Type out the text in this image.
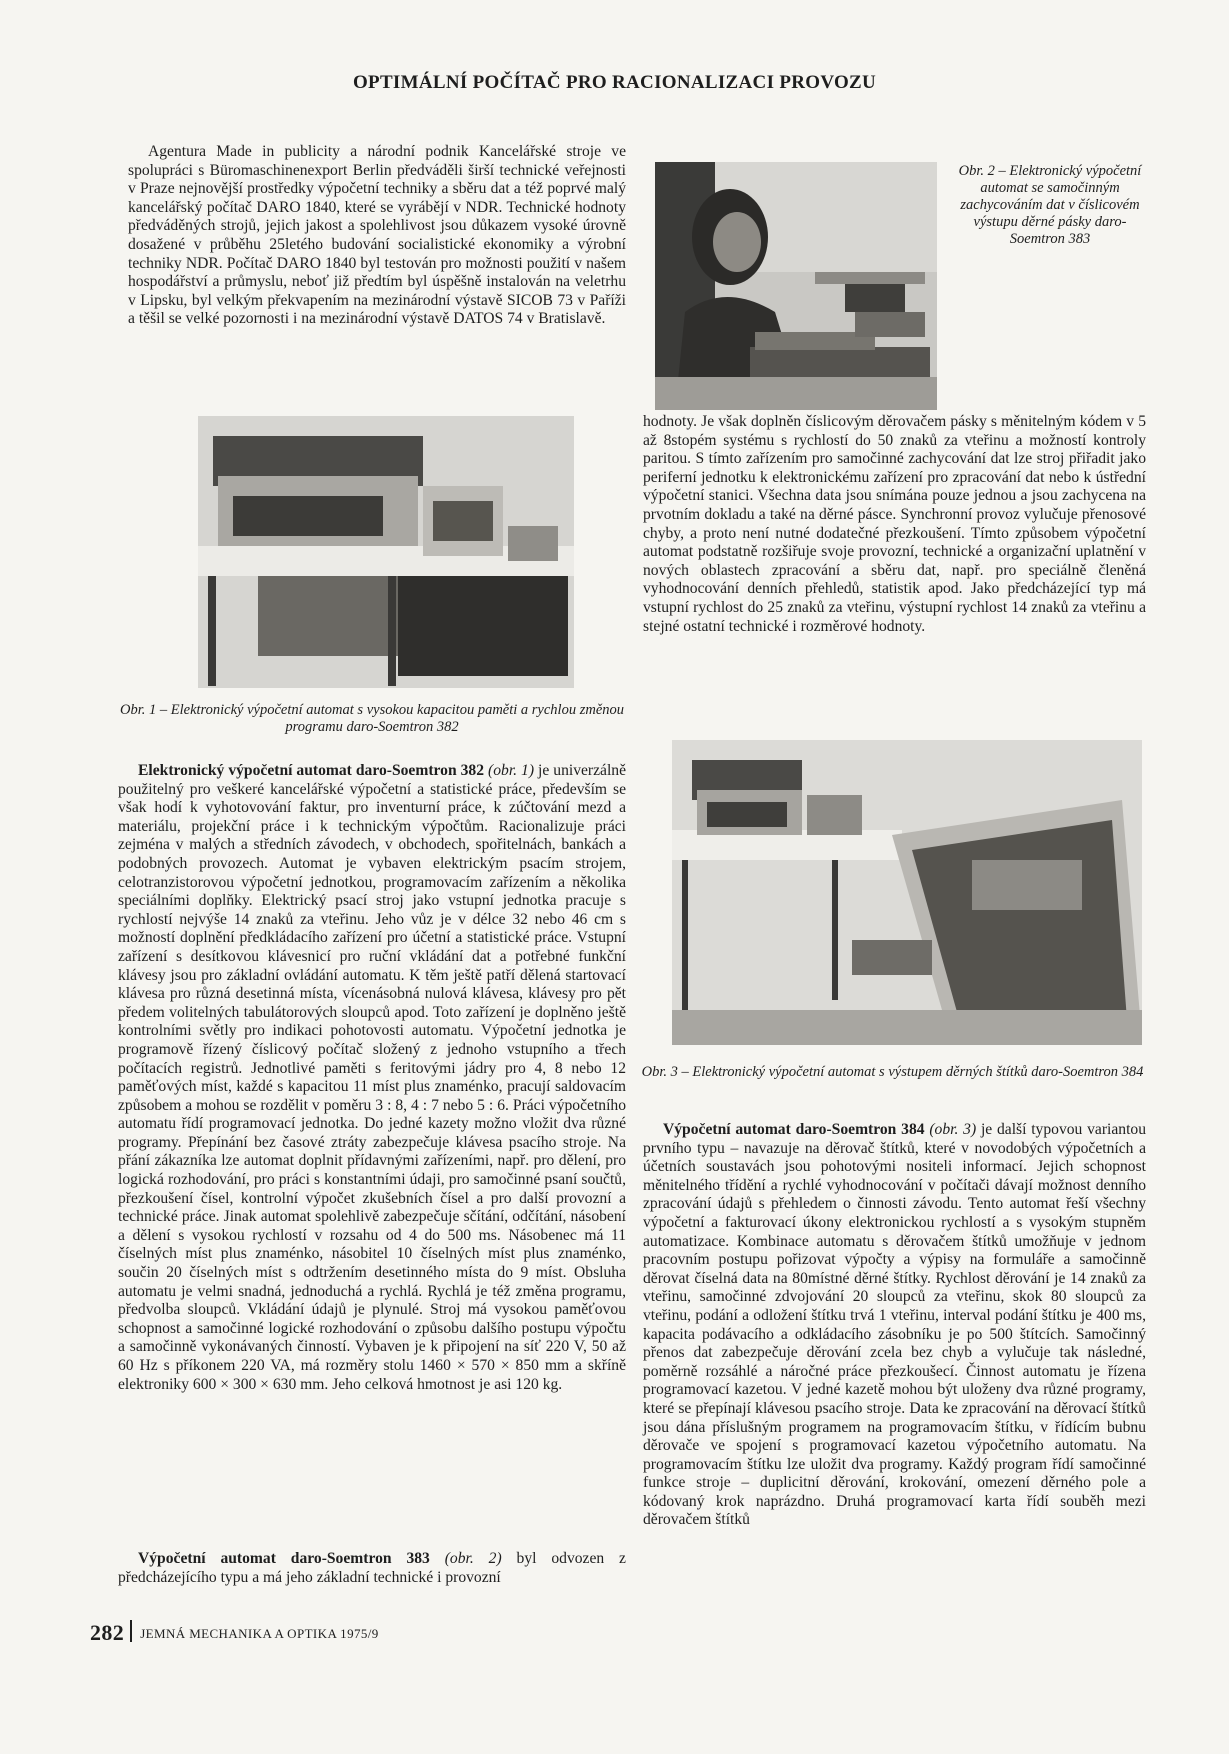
OPTIMÁLNÍ POČÍTAČ PRO RACIONALIZACI PROVOZU

Agentura Made in publicity a národní podnik Kancelářské stroje ve spolupráci s Büromaschinenexport Berlin předváděli širší technické veřejnosti v Praze nejnovější prostředky výpočetní techniky a sběru dat a též poprvé malý kancelářský počítač DARO 1840, které se vyrábějí v NDR. Technické hodnoty předváděných strojů, jejich jakost a spolehlivost jsou důkazem vysoké úrovně dosažené v průběhu 25letého budování socialistické ekonomiky a výrobní techniky NDR. Počítač DARO 1840 byl testován pro možnosti použití v našem hospodářství a průmyslu, neboť již předtím byl úspěšně instalován na veletrhu v Lipsku, byl velkým překvapením na mezinárodní výstavě SICOB 73 v Paříži a těšil se velké pozornosti i na mezinárodní výstavě DATOS 74 v Bratislavě.

Obr. 2 – Elektronický výpočetní automat se samočinným zachycováním dat v číslicovém výstupu děrné pásky daro-Soemtron 383
Obr. 1 – Elektronický výpočetní automat s vysokou kapacitou paměti a rychlou změnou programu daro-Soemtron 382

Elektronický výpočetní automat daro-Soemtron 382 (obr. 1) je univerzálně použitelný pro veškeré kancelářské výpočetní a statistické práce, především se však hodí k vyhotovování faktur, pro inventurní práce, k zúčtování mezd a materiálu, projekční práce i k technickým výpočtům. Racionalizuje práci zejména v malých a středních závodech, v obchodech, spořitelnách, bankách a podobných provozech. Automat je vybaven elektrickým psacím strojem, celotranzistorovou výpočetní jednotkou, programovacím zařízením a několika speciálními doplňky. Elektrický psací stroj jako vstupní jednotka pracuje s rychlostí nejvýše 14 znaků za vteřinu. Jeho vůz je v délce 32 nebo 46 cm s možností doplnění předkládacího zařízení pro účetní a statistické práce. Vstupní zařízení s desítkovou klávesnicí pro ruční vkládání dat a potřebné funkční klávesy jsou pro základní ovládání automatu. K těm ještě patří dělená startovací klávesa pro různá desetinná místa, vícenásobná nulová klávesa, klávesy pro pět předem volitelných tabulátorových sloupců apod. Toto zařízení je doplněno ještě kontrolními světly pro indikaci pohotovosti automatu. Výpočetní jednotka je programově řízený číslicový počítač složený z jednoho vstupního a třech počítacích registrů. Jednotlivé paměti s feritovými jádry pro 4, 8 nebo 12 paměťových míst, každé s kapacitou 11 míst plus znaménko, pracují saldovacím způsobem a mohou se rozdělit v poměru 3 : 8, 4 : 7 nebo 5 : 6. Práci výpočetního automatu řídí programovací jednotka. Do jedné kazety možno vložit dva různé programy. Přepínání bez časové ztráty zabezpečuje klávesa psacího stroje. Na přání zákazníka lze automat doplnit přídavnými zařízeními, např. pro dělení, pro logická rozhodování, pro práci s konstantními údaji, pro samočinné psaní součtů, přezkoušení čísel, kontrolní výpočet zkušebních čísel a pro další provozní a technické práce. Jinak automat spolehlivě zabezpečuje sčítání, odčítání, násobení a dělení s vysokou rychlostí v rozsahu od 4 do 500 ms. Násobenec má 11 číselných míst plus znaménko, násobitel 10 číselných míst plus znaménko, součin 20 číselných míst s odtržením desetinného místa do 9 míst. Obsluha automatu je velmi snadná, jednoduchá a rychlá. Rychlá je též změna programu, předvolba sloupců. Vkládání údajů je plynulé. Stroj má vysokou paměťovou schopnost a samočinné logické rozhodování o způsobu dalšího postupu výpočtu a samočinně vykonávaných činností. Vybaven je k připojení na síť 220 V, 50 až 60 Hz s příkonem 220 VA, má rozměry stolu 1460 × 570 × 850 mm a skříně elektroniky 600 × 300 × 630 mm. Jeho celková hmotnost je asi 120 kg.

Výpočetní automat daro-Soemtron 383 (obr. 2) byl odvozen z předcházejícího typu a má jeho základní technické i provozní

hodnoty. Je však doplněn číslicovým děrovačem pásky s měnitelným kódem v 5 až 8stopém systému s rychlostí do 50 znaků za vteřinu a možností kontroly paritou. S tímto zařízením pro samočinné zachycování dat lze stroj přiřadit jako periferní jednotku k elektronickému zařízení pro zpracování dat nebo k ústřední výpočetní stanici. Všechna data jsou snímána pouze jednou a jsou zachycena na prvotním dokladu a také na děrné pásce. Synchronní provoz vylučuje přenosové chyby, a proto není nutné dodatečné přezkoušení. Tímto způsobem výpočetní automat podstatně rozšiřuje svoje provozní, technické a organizační uplatnění v nových oblastech zpracování a sběru dat, např. pro speciálně členěná vyhodnocování denních přehledů, statistik apod. Jako předcházející typ má vstupní rychlost do 25 znaků za vteřinu, výstupní rychlost 14 znaků za vteřinu a stejné ostatní technické i rozměrové hodnoty.

Obr. 3 – Elektronický výpočetní automat s výstupem děrných štítků daro-Soemtron 384

Výpočetní automat daro-Soemtron 384 (obr. 3) je další typovou variantou prvního typu – navazuje na děrovač štítků, které v novodobých výpočetních a účetních soustavách jsou pohotovými nositeli informací. Jejich schopnost měnitelného třídění a rychlé vyhodnocování v počítači dávají možnost denního zpracování údajů s přehledem o činnosti závodu. Tento automat řeší všechny výpočetní a fakturovací úkony elektronickou rychlostí a s vysokým stupněm automatizace. Kombinace automatu s děrovačem štítků umožňuje v jednom pracovním postupu pořizovat výpočty a výpisy na formuláře a samočinně děrovat číselná data na 80místné děrné štítky. Rychlost děrování je 14 znaků za vteřinu, samočinné zdvojování 20 sloupců za vteřinu, skok 80 sloupců za vteřinu, podání a odložení štítku trvá 1 vteřinu, interval podání štítku je 400 ms, kapacita podávacího a odkládacího zásobníku je po 500 štítcích. Samočinný přenos dat zabezpečuje děrování zcela bez chyb a vylučuje tak následné, poměrně rozsáhlé a náročné práce přezkoušecí. Činnost automatu je řízena programovací kazetou. V jedné kazetě mohou být uloženy dva různé programy, které se přepínají klávesou psacího stroje. Data ke zpracování na děrovací štítků jsou dána příslušným programem na programovacím štítku, v řídícím bubnu děrovače ve spojení s programovací kazetou výpočetního automatu. Na programovacím štítku lze uložit dva programy. Každý program řídí samočinné funkce stroje – duplicitní děrování, krokování, omezení děrného pole a kódovaný krok naprázdno. Druhá programovací karta řídí souběh mezi děrovačem štítků

282 JEMNÁ MECHANIKA A OPTIKA 1975/9
